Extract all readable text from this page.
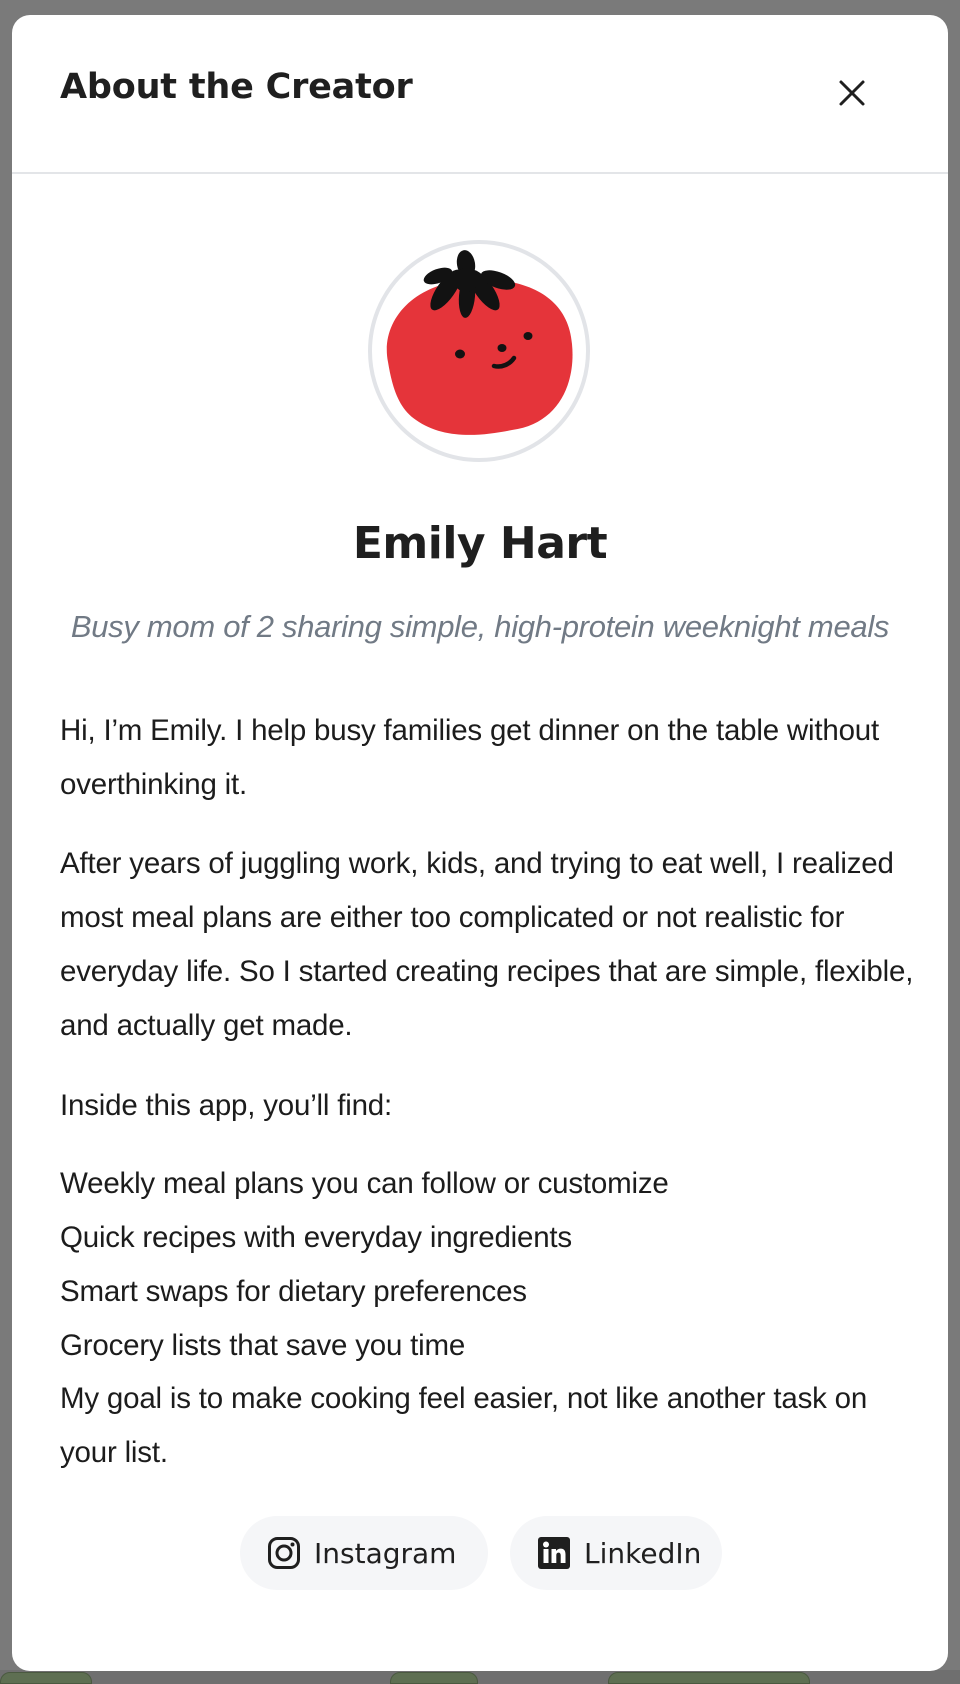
About the Creator
Emily Hart

Busy mom of 2 sharing simple, high-protein weeknight meals

Hi, I’m Emily. I help busy families get dinner on the table without overthinking it.

After years of juggling work, kids, and trying to eat well, I realized most meal plans are either too complicated or not realistic for everyday life. So I started creating recipes that are simple, flexible, and actually get made.

Inside this app, you’ll find:

Weekly meal plans you can follow or customize
Quick recipes with everyday ingredients
Smart swaps for dietary preferences
Grocery lists that save you time

My goal is to make cooking feel easier, not like another task on your list.

Instagram	LinkedIn
